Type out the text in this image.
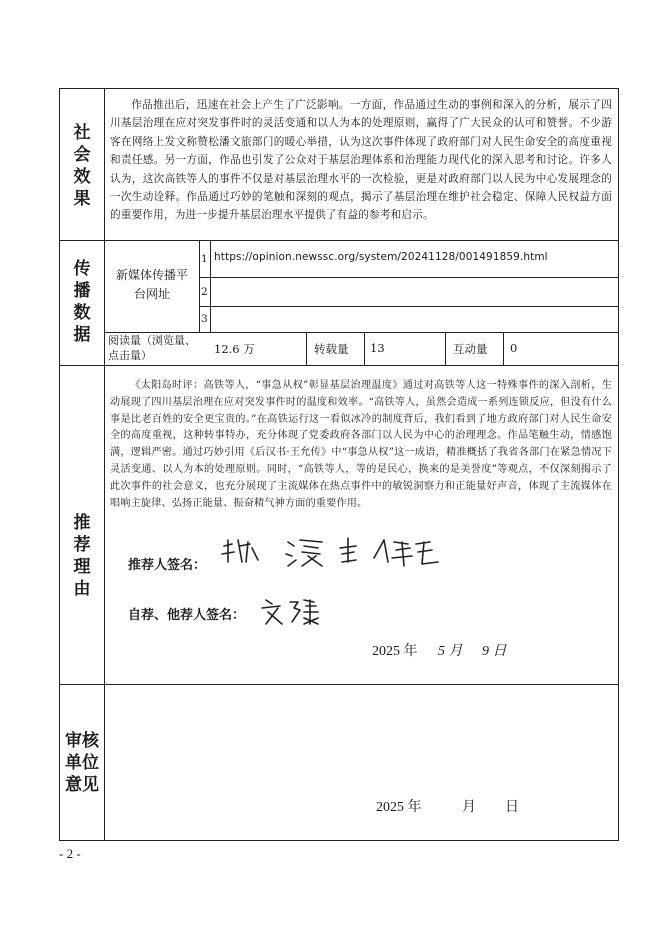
社
会
效
果
作品推出后，迅速在社会上产生了广泛影响。一方面，作品通过生动的事例和深入的分析，展示了四川基层治理在应对突发事件时的灵活变通和以人为本的处理原则，赢得了广大民众的认可和赞誉。不少游客在网络上发文称赞松潘文旅部门的暖心举措，认为这次事件体现了政府部门对人民生命安全的高度重视和责任感。另一方面，作品也引发了公众对于基层治理体系和治理能力现代化的深入思考和讨论。许多人认为，这次高铁等人的事件不仅是对基层治理水平的一次检验，更是对政府部门以人民为中心发展理念的一次生动诠释。作品通过巧妙的笔触和深刻的观点，揭示了基层治理在维护社会稳定、保障人民权益方面的重要作用，为进一步提升基层治理水平提供了有益的参考和启示。
传
播
数
据
新媒体传播平台网址
1 https://opinion.newssc.org/system/20241128/001491859.html
2
3
阅读量（浏览量、点击量）	12.6 万	转载量 13	互动量 0
推
荐
理
由
《太阳岛时评：高铁等人，“事急从权”彰显基层治理温度》通过对高铁等人这一特殊事件的深入剖析，生动展现了四川基层治理在应对突发事件时的温度和效率。“高铁等人，虽然会造成一系列连锁反应，但没有什么事是比老百姓的安全更宝贵的。”在高铁运行这一看似冰冷的制度背后，我们看到了地方政府部门对人民生命安全的高度重视，这种转事特办，充分体现了党委政府各部门以人民为中心的治理理念。作品笔触生动，情感饱满，逻辑严密。通过巧妙引用《后汉书·王允传》中“事急从权”这一成语，精准概括了我省各部门在紧急情况下灵活变通、以人为本的处理原则。同时，“高铁等人，等的是民心，换来的是美誉度”等观点，不仅深刻揭示了此次事件的社会意义，也充分展现了主流媒体在热点事件中的敏锐洞察力和正能量好声音，体现了主流媒体在唱响主旋律、弘扬正能量、振奋精气神方面的重要作用。
推荐人签名：
自荐、他荐人签名：
2025 年 5 月 9 日
审核
单位
意见
2025 年	月 日
- 2 -
